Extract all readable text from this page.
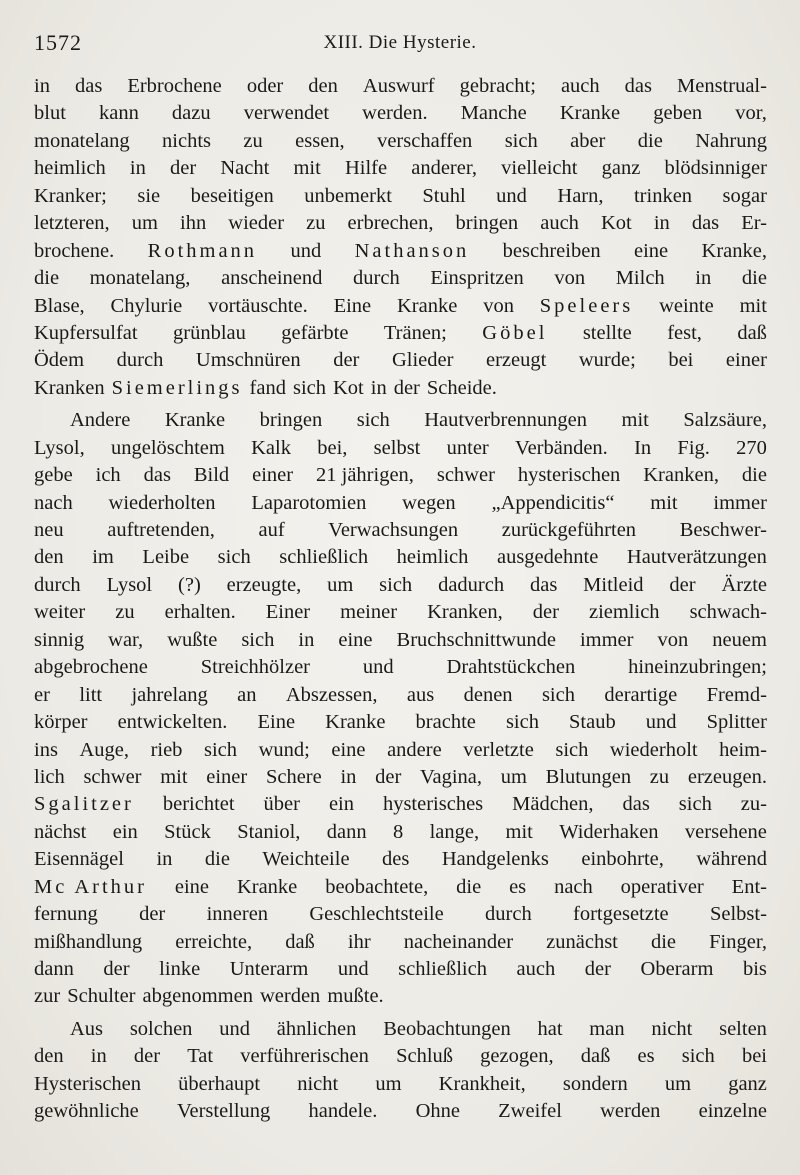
1572	XIII. Die Hysterie.
in das Erbrochene oder den Auswurf gebracht; auch das Menstrual-
blut kann dazu verwendet werden. Manche Kranke geben vor,
monatelang nichts zu essen, verschaffen sich aber die Nahrung
heimlich in der Nacht mit Hilfe anderer, vielleicht ganz blödsinniger
Kranker; sie beseitigen unbemerkt Stuhl und Harn, trinken sogar
letzteren, um ihn wieder zu erbrechen, bringen auch Kot in das Er-
brochene. Rothmann und Nathanson beschreiben eine Kranke,
die monatelang, anscheinend durch Einspritzen von Milch in die
Blase, Chylurie vortäuschte. Eine Kranke von Speleers weinte mit
Kupfersulfat grünblau gefärbte Tränen; Göbel stellte fest, daß
Ödem durch Umschnüren der Glieder erzeugt wurde; bei einer
Kranken Siemerlings fand sich Kot in der Scheide.
Andere Kranke bringen sich Hautverbrennungen mit Salzsäure,
Lysol, ungelöschtem Kalk bei, selbst unter Verbänden. In Fig. 270
gebe ich das Bild einer 21 jährigen, schwer hysterischen Kranken, die
nach wiederholten Laparotomien wegen „Appendicitis“ mit immer
neu auftretenden, auf Verwachsungen zurückgeführten Beschwer-
den im Leibe sich schließlich heimlich ausgedehnte Hautverätzungen
durch Lysol (?) erzeugte, um sich dadurch das Mitleid der Ärzte
weiter zu erhalten. Einer meiner Kranken, der ziemlich schwach-
sinnig war, wußte sich in eine Bruchschnittwunde immer von neuem
abgebrochene	Streichhölzer	und	Drahtstückchen	hineinzubringen;
er litt jahrelang an Abszessen, aus denen sich derartige Fremd-
körper entwickelten. Eine Kranke brachte sich Staub und Splitter
ins Auge, rieb sich wund; eine andere verletzte sich wiederholt heim-
lich schwer mit einer Schere in der Vagina, um Blutungen zu erzeugen.
Sgalitzer berichtet über ein hysterisches Mädchen, das sich zu-
nächst ein Stück Staniol, dann 8 lange, mit Widerhaken versehene
Eisennägel in die Weichteile des Handgelenks einbohrte, während
Mc Arthur eine Kranke beobachtete, die es nach operativer Ent-
fernung der inneren Geschlechtsteile durch fortgesetzte Selbst-
mißhandlung erreichte, daß ihr nacheinander zunächst die Finger,
dann der linke Unterarm und schließlich auch der Oberarm bis
zur Schulter abgenommen werden mußte.
Aus solchen und ähnlichen Beobachtungen hat man nicht selten
den in der Tat verführerischen Schluß gezogen, daß es sich bei
Hysterischen überhaupt nicht um Krankheit, sondern um ganz
gewöhnliche Verstellung handele. Ohne Zweifel werden einzelne
